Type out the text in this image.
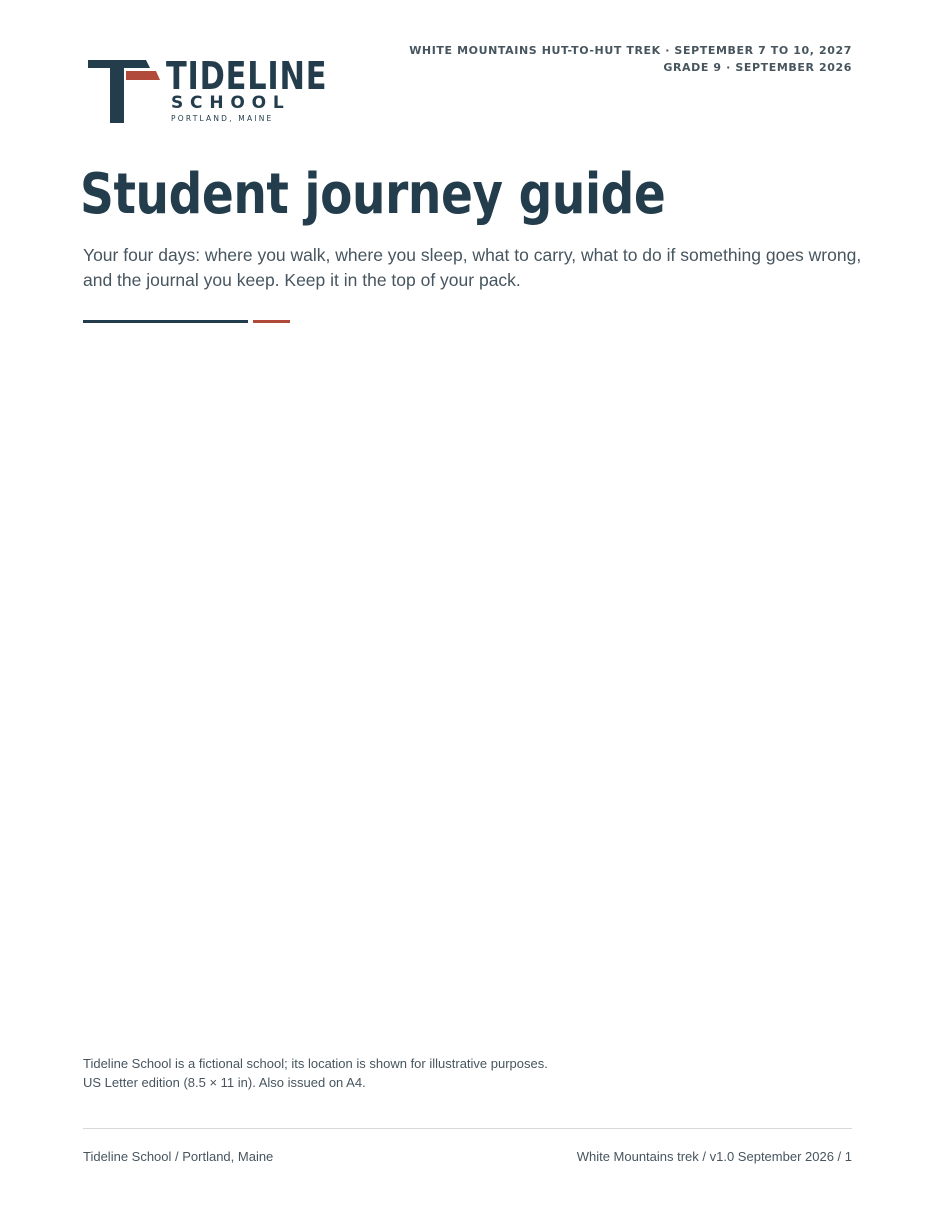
WHITE MOUNTAINS HUT-TO-HUT TREK · SEPTEMBER 7 TO 10, 2027
GRADE 9 · SEPTEMBER 2026
TIDELINE
SCHOOL
PORTLAND, MAINE
Student journey guide

Your four days: where you walk, where you sleep, what to carry, what to do if something goes wrong, and the journal you keep. Keep it in the top of your pack.

Tideline School is a fictional school; its location is shown for illustrative purposes.
US Letter edition (8.5 × 11 in). Also issued on A4.
Tideline School / Portland, Maine	White Mountains trek / v1.0 September 2026 / 1
